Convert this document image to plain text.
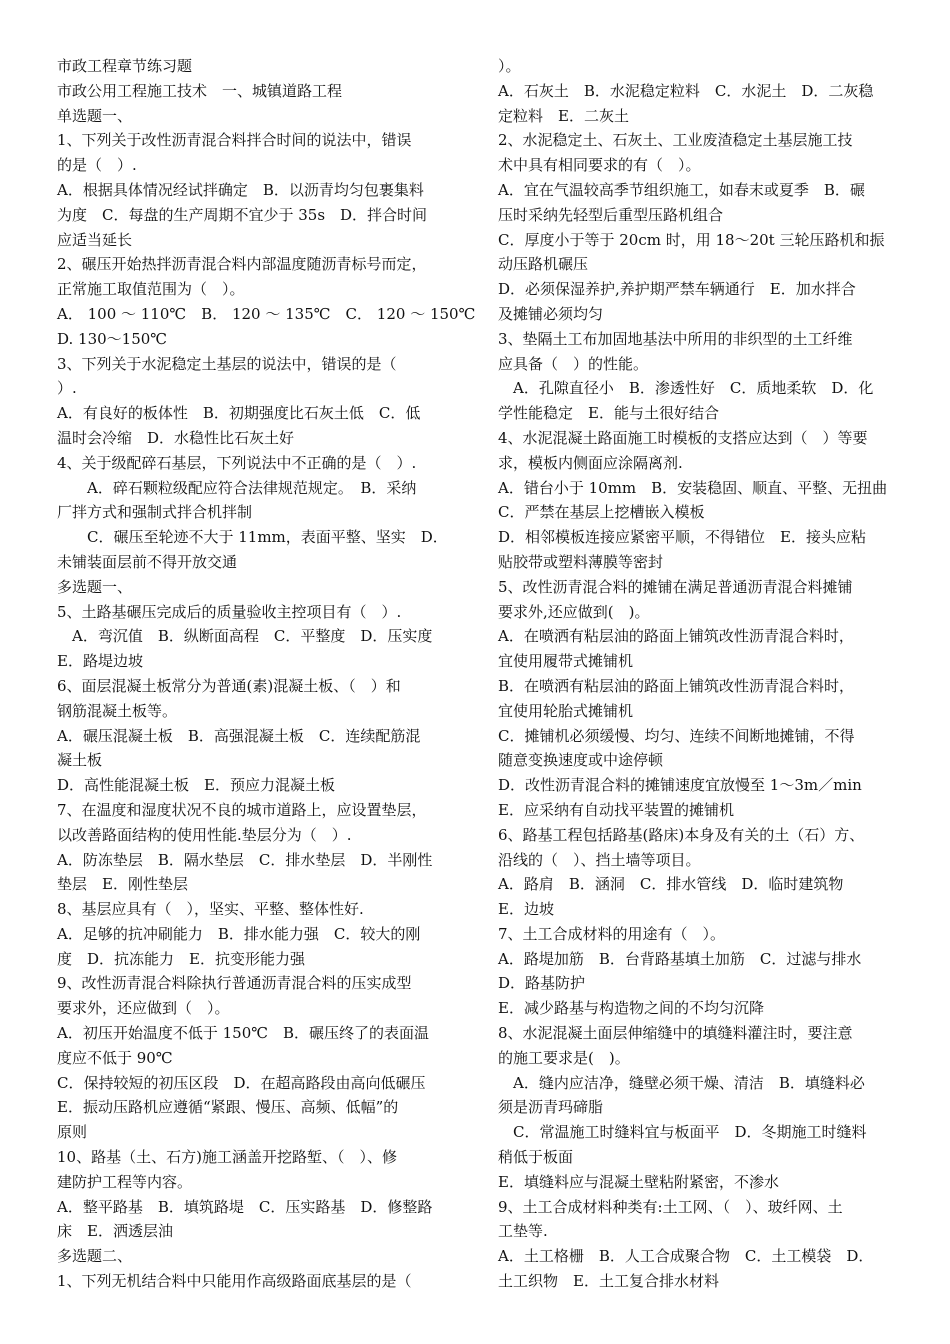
市政工程章节练习题
市政公用工程施工技术　一、城镇道路工程
单选题一、
1、下列关于改性沥青混合料拌合时间的说法中，错误
的是（　）.
A．根据具体情况经试拌确定　B．以沥青均匀包裹集料
为度　C．每盘的生产周期不宜少于 35s　D．拌合时间
应适当延长
2、碾压开始热拌沥青混合料内部温度随沥青标号而定，
正常施工取值范围为（　）。
A． 100 ～ 110℃　B． 120 ～ 135℃　C． 120 ～ 150℃
D. 130～150℃
3、下列关于水泥稳定土基层的说法中，错误的是（
）.
A．有良好的板体性　B．初期强度比石灰土低　C．低
温时会冷缩　D．水稳性比石灰土好
4、关于级配碎石基层，下列说法中不正确的是（　）.
　　A．碎石颗粒级配应符合法律规范规定。　B．采纳
厂拌方式和强制式拌合机拌制
　　C．碾压至轮迹不大于 11mm，表面平整、坚实　D．
未铺装面层前不得开放交通
多选题一、
5、土路基碾压完成后的质量验收主控项目有（　）.
　A．弯沉值　B．纵断面高程　C．平整度　D．压实度
E．路堤边坡
6、面层混凝土板常分为普通(素)混凝土板、（　）和
钢筋混凝土板等。
A．碾压混凝土板　B．高强混凝土板　C．连续配筋混
凝土板
D．高性能混凝土板　E．预应力混凝土板
7、在温度和湿度状况不良的城市道路上，应设置垫层，
以改善路面结构的使用性能.垫层分为（　）.
A．防冻垫层　B．隔水垫层　C．排水垫层　D．半刚性
垫层　E．刚性垫层
8、基层应具有（　），坚实、平整、整体性好.
A．足够的抗冲刷能力　B．排水能力强　C．较大的刚
度　D．抗冻能力　E．抗变形能力强
9、改性沥青混合料除执行普通沥青混合料的压实成型
要求外，还应做到（　）。
A．初压开始温度不低于 150℃　B．碾压终了的表面温
度应不低于 90℃
C．保持较短的初压区段　D．在超高路段由高向低碾压
E．振动压路机应遵循“紧跟、慢压、高频、低幅”的
原则
10、路基（土、石方)施工涵盖开挖路堑、（　）、修
建防护工程等内容。
A．整平路基　B．填筑路堤　C．压实路基　D．修整路
床　E．洒透层油
多选题二、
1、下列无机结合料中只能用作高级路面底基层的是（
）。
A．石灰土　B．水泥稳定粒料　C．水泥土　D．二灰稳
定粒料　E．二灰土
2、水泥稳定土、石灰土、工业废渣稳定土基层施工技
术中具有相同要求的有（　）。
A．宜在气温较高季节组织施工，如春末或夏季　B．碾
压时采纳先轻型后重型压路机组合
C．厚度小于等于 20cm 时，用 18～20t 三轮压路机和振
动压路机碾压
D．必须保湿养护,养护期严禁车辆通行　E．加水拌合
及摊铺必须均匀
3、垫隔土工布加固地基法中所用的非织型的土工纤维
应具备（　）的性能。
　A．孔隙直径小　B．渗透性好　C．质地柔软　D．化
学性能稳定　E．能与土很好结合
4、水泥混凝土路面施工时模板的支搭应达到（　）等要
求，模板内侧面应涂隔离剂.
A．错台小于 10mm　B．安装稳固、顺直、平整、无扭曲
C．严禁在基层上挖槽嵌入模板
D．相邻模板连接应紧密平顺，不得错位　E．接头应粘
贴胶带或塑料薄膜等密封
5、改性沥青混合料的摊铺在满足普通沥青混合料摊铺
要求外,还应做到(　)。
A．在喷洒有粘层油的路面上铺筑改性沥青混合料时，
宜使用履带式摊铺机
B．在喷洒有粘层油的路面上铺筑改性沥青混合料时，
宜使用轮胎式摊铺机
C．摊铺机必须缓慢、均匀、连续不间断地摊铺，不得
随意变换速度或中途停顿
D．改性沥青混合料的摊铺速度宜放慢至 1～3m／min
E．应采纳有自动找平装置的摊铺机
6、路基工程包括路基(路床)本身及有关的土（石）方、
沿线的（　）、挡土墙等项目。
A．路肩　B．涵洞　C．排水管线　D．临时建筑物
E．边坡
7、土工合成材料的用途有（　）。
A．路堤加筋　B．台背路基填土加筋　C．过滤与排水
D．路基防护
E．减少路基与构造物之间的不均匀沉降
8、水泥混凝土面层伸缩缝中的填缝料灌注时，要注意
的施工要求是(　)。
　A．缝内应洁净，缝壁必须干燥、清洁　B．填缝料必
须是沥青玛碲脂
　C．常温施工时缝料宜与板面平　D．冬期施工时缝料
稍低于板面
E．填缝料应与混凝土壁粘附紧密，不渗水
9、土工合成材料种类有:土工网、（　）、玻纤网、土
工垫等.
A．土工格栅　B．人工合成聚合物　C．土工模袋　D．
土工织物　E．土工复合排水材料
